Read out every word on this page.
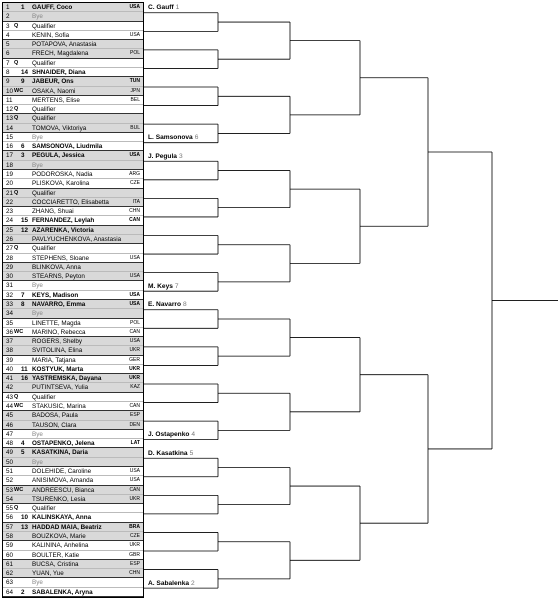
1	1	GAUFF, Coco	USA
2	Bye
3 Q	Qualifier
4	KENIN, Sofia	USA
5	POTAPOVA, Anastasia
6	FRECH, Magdalena	POL
7 Q	Qualifier
8	14 SHNAIDER, Diana
9	9	JABEUR, Ons	TUN
10 WC	OSAKA, Naomi	JPN
11	MERTENS, Elise	BEL
12 Q	Qualifier
13 Q	Qualifier
14	TOMOVA, Viktoriya	BUL
15	Bye
16	6	SAMSONOVA, Liudmila
17	3	PEGULA, Jessica	USA
18	Bye
19	PODOROSKA, Nadia	ARG
20	PLISKOVA, Karolina	CZE
21 Q	Qualifier
22	COCCIARETTO, Elisabetta	ITA
23	ZHANG, Shuai	CHN
24	15 FERNANDEZ, Leylah	CAN
25	12 AZARENKA, Victoria
26	PAVLYUCHENKOVA, Anastasia
27 Q	Qualifier
28	STEPHENS, Sloane	USA
29	BLINKOVA, Anna
30	STEARNS, Peyton	USA
31	Bye
32	7	KEYS, Madison	USA
33	8	NAVARRO, Emma	USA
34	Bye
35	LINETTE, Magda	POL
36 WC	MARINO, Rebecca	CAN
37	ROGERS, Shelby	USA
38	SVITOLINA, Elina	UKR
39	MARIA, Tatjana	GER
40	11 KOSTYUK, Marta	UKR
41	16 YASTREMSKA, Dayana	UKR
42	PUTINTSEVA, Yulia	KAZ
43 Q	Qualifier
44 WC	STAKUSIC, Marina	CAN
45	BADOSA, Paula	ESP
46	TAUSON, Clara	DEN
47	Bye
48	4	OSTAPENKO, Jelena	LAT
49	5	KASATKINA, Daria
50	Bye
51	DOLEHIDE, Caroline	USA
52	ANISIMOVA, Amanda	USA
53 WC	ANDREESCU, Bianca	CAN
54	TSURENKO, Lesia	UKR
55 Q	Qualifier
56	10 KALINSKAYA, Anna
57	13 HADDAD MAIA, Beatriz	BRA
58	BOUZKOVA, Marie	CZE
59	KALININA, Anhelina	UKR
60	BOULTER, Katie	GBR
61	BUCSA, Cristina	ESP
62	YUAN, Yue	CHN
63	Bye
64	2	SABALENKA, Aryna
C. Gauff 1
L. Samsonova 6
J. Pegula 3
M. Keys 7
E. Navarro 8
J. Ostapenko 4
D. Kasatkina 5
A. Sabalenka 2
